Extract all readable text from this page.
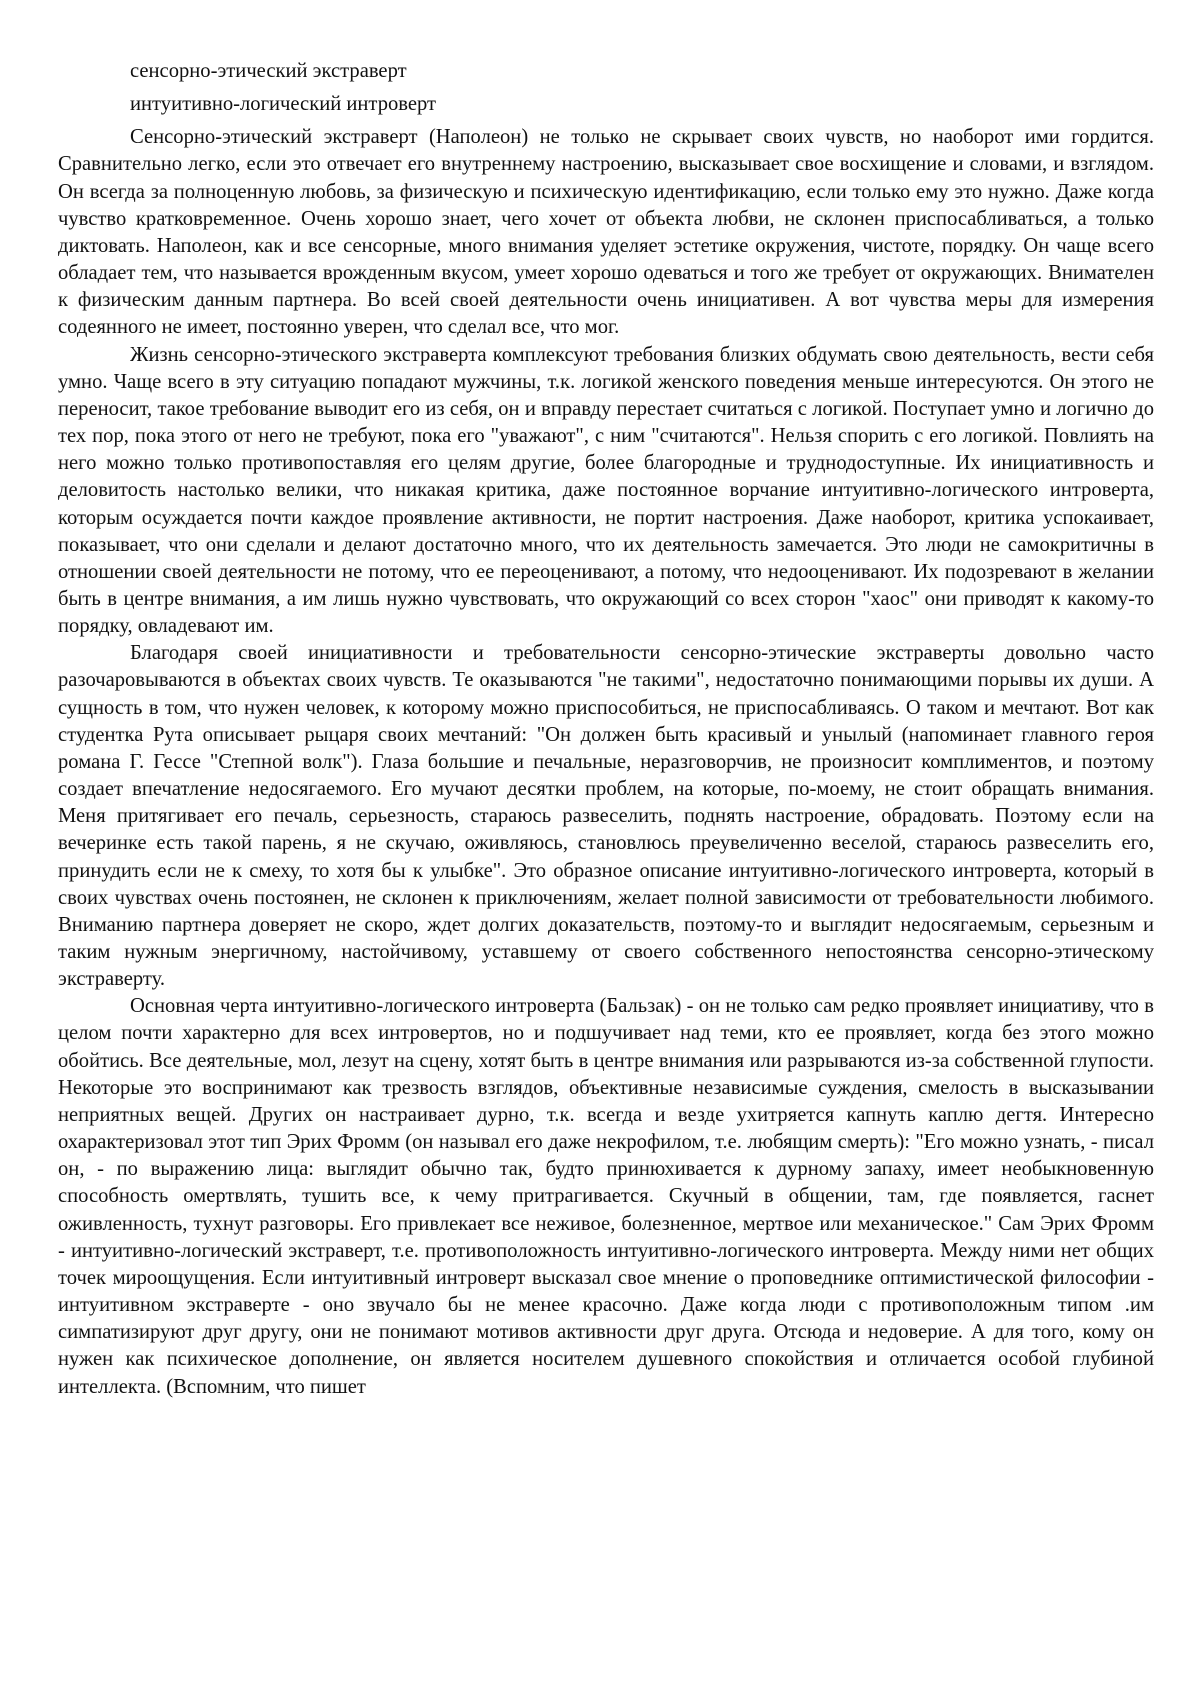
сенсорно-этический экстраверт
интуитивно-логический интроверт

Сенсорно-этический экстраверт (Наполеон) не только не скрывает своих чувств, но наоборот ими гордится. Сравнительно легко, если это отвечает его внутреннему настроению, высказывает свое восхищение и словами, и взглядом. Он всегда за полноценную любовь, за физическую и психическую идентификацию, если только ему это нужно. Даже когда чувство кратковременное. Очень хорошо знает, чего хочет от объекта любви, не склонен приспосабливаться, а только диктовать. Наполеон, как и все сенсорные, много внимания уделяет эстетике окружения, чистоте, порядку. Он чаще всего обладает тем, что называется врожденным вкусом, умеет хорошо одеваться и того же требует от окружающих. Внимателен к физическим данным партнера. Во всей своей деятельности очень инициативен. А вот чувства меры для измерения содеянного не имеет, постоянно уверен, что сделал все, что мог.

Жизнь сенсорно-этического экстраверта комплексуют требования близких обдумать свою деятельность, вести себя умно. Чаще всего в эту ситуацию попадают мужчины, т.к. логикой женского поведения меньше интересуются. Он этого не переносит, такое требование выводит его из себя, он и вправду перестает считаться с логикой. Поступает умно и логично до тех пор, пока этого от него не требуют, пока его "уважают", с ним "считаются". Нельзя спорить с его логикой. Повлиять на него можно только противопоставляя его целям другие, более благородные и труднодоступные. Их инициативность и деловитость настолько велики, что никакая критика, даже постоянное ворчание интуитивно-логического интроверта, которым осуждается почти каждое проявление активности, не портит настроения. Даже наоборот, критика успокаивает, показывает, что они сделали и делают достаточно много, что их деятельность замечается. Это люди не самокритичны в отношении своей деятельности не потому, что ее переоценивают, а потому, что недооценивают. Их подозревают в желании быть в центре внимания, а им лишь нужно чувствовать, что окружающий со всех сторон "хаос" они приводят к какому-то порядку, овладевают им.

Благодаря своей инициативности и требовательности сенсорно-этические экстраверты довольно часто разочаровываются в объектах своих чувств. Те оказываются "не такими", недостаточно понимающими порывы их души. А сущность в том, что нужен человек, к которому можно приспособиться, не приспосабливаясь. О таком и мечтают. Вот как студентка Рута описывает рыцаря своих мечтаний: "Он должен быть красивый и унылый (напоминает главного героя романа Г. Гессе "Степной волк"). Глаза большие и печальные, неразговорчив, не произносит комплиментов, и поэтому создает впечатление недосягаемого. Его мучают десятки проблем, на которые, по-моему, не стоит обращать внимания. Меня притягивает его печаль, серьезность, стараюсь развеселить, поднять настроение, обрадовать. Поэтому если на вечеринке есть такой парень, я не скучаю, оживляюсь, становлюсь преувеличенно веселой, стараюсь развеселить его, принудить если не к смеху, то хотя бы к улыбке". Это образное описание интуитивно-логического интроверта, который в своих чувствах очень постоянен, не склонен к приключениям, желает полной зависимости от требовательности любимого. Вниманию партнера доверяет не скоро, ждет долгих доказательств, поэтому-то и выглядит недосягаемым, серьезным и таким нужным энергичному, настойчивому, уставшему от своего собственного непостоянства сенсорно-этическому экстраверту.

Основная черта интуитивно-логического интроверта (Бальзак) - он не только сам редко проявляет инициативу, что в целом почти характерно для всех интровертов, но и подшучивает над теми, кто ее проявляет, когда без этого можно обойтись. Все деятельные, мол, лезут на сцену, хотят быть в центре внимания или разрываются из-за собственной глупости. Некоторые это воспринимают как трезвость взглядов, объективные независимые суждения, смелость в высказывании неприятных вещей. Других он настраивает дурно, т.к. всегда и везде ухитряется капнуть каплю дегтя. Интересно охарактеризовал этот тип Эрих Фромм (он называл его даже некрофилом, т.е. любящим смерть): "Его можно узнать, - писал он, - по выражению лица: выглядит обычно так, будто принюхивается к дурному запаху, имеет необыкновенную способность омертвлять, тушить все, к чему притрагивается. Скучный в общении, там, где появляется, гаснет оживленность, тухнут разговоры. Его привлекает все неживое, болезненное, мертвое или механическое." Сам Эрих Фромм - интуитивно-логический экстраверт, т.е. противоположность интуитивно-логического интроверта. Между ними нет общих точек мироощущения. Если интуитивный интроверт высказал свое мнение о проповеднике оптимистической философии - интуитивном экстраверте - оно звучало бы не менее красочно. Даже когда люди с противоположным типом .им симпатизируют друг другу, они не понимают мотивов активности друг друга. Отсюда и недоверие. А для того, кому он нужен как психическое дополнение, он является носителем душевного спокойствия и отличается особой глубиной интеллекта. (Вспомним, что пишет
